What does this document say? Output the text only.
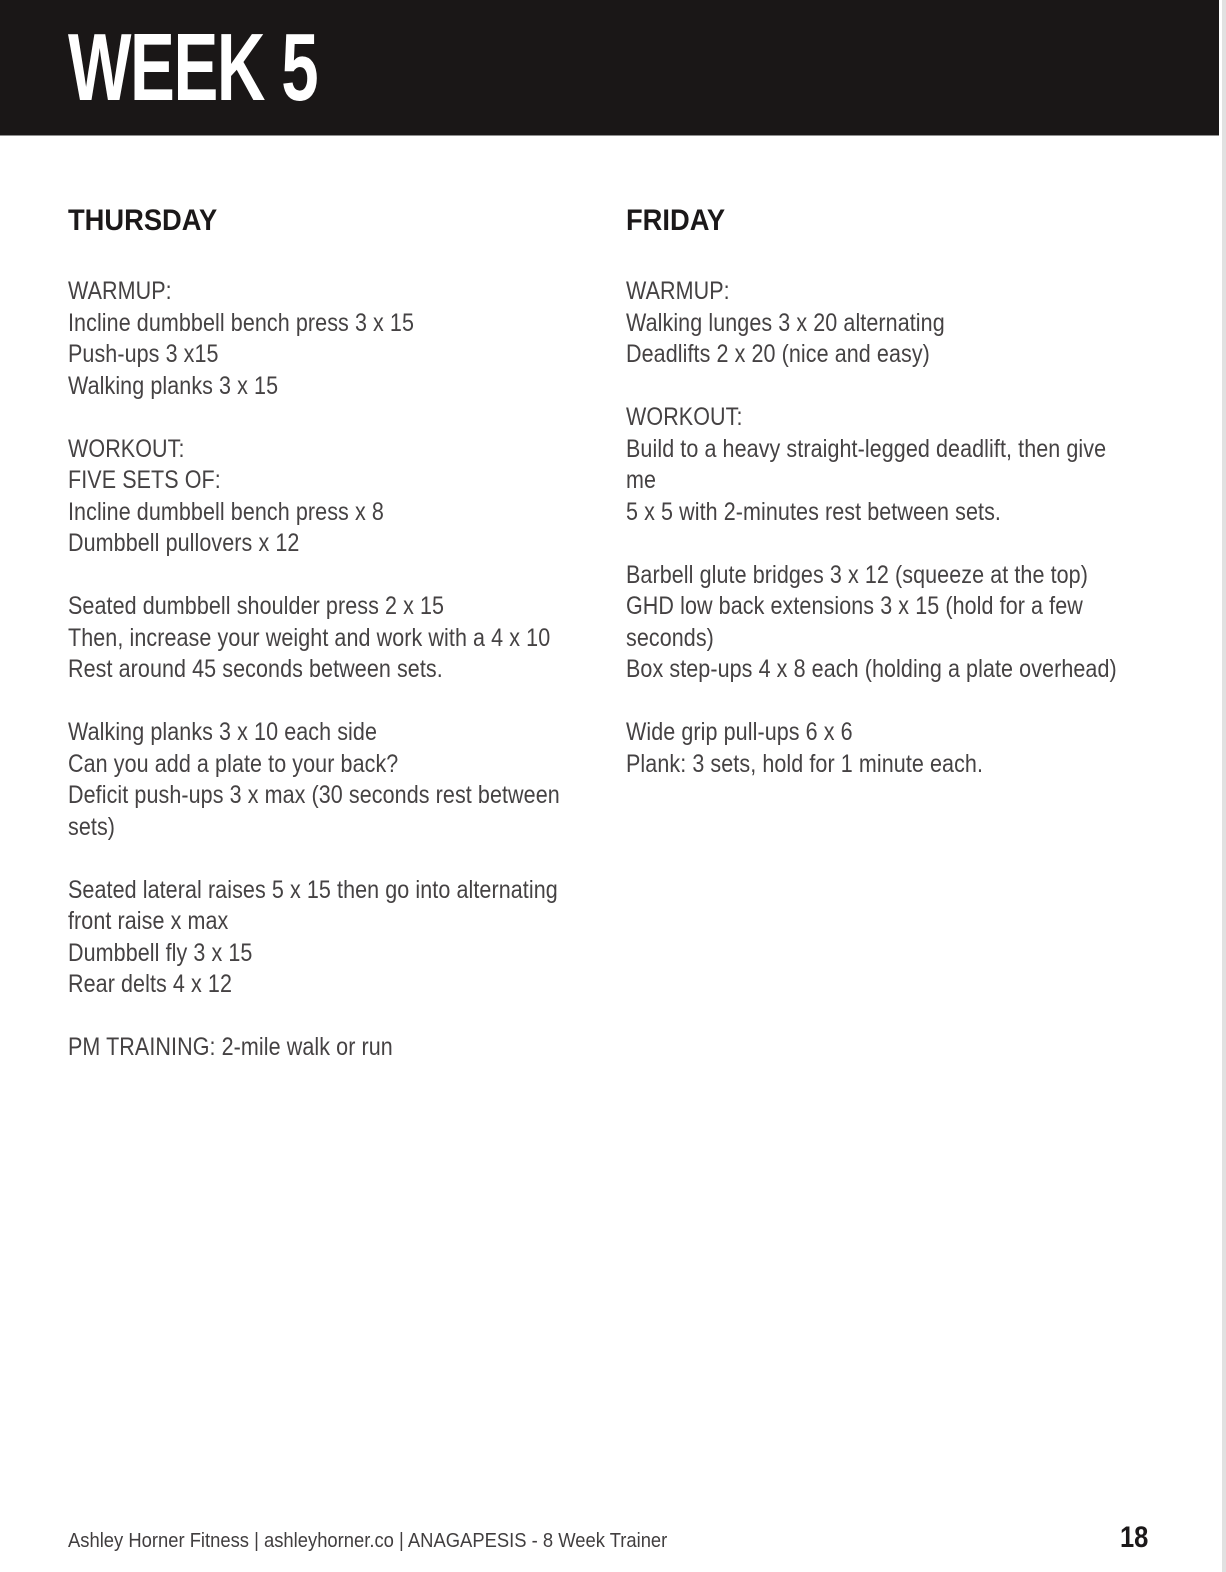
WEEK 5
THURSDAY
WARMUP:
Incline dumbbell bench press 3 x 15
Push-ups 3 x15
Walking planks 3 x 15
WORKOUT:
FIVE SETS OF:
Incline dumbbell bench press x 8
Dumbbell pullovers x 12
Seated dumbbell shoulder press 2 x 15
Then, increase your weight and work with a 4 x 10
Rest around 45 seconds between sets.
Walking planks 3 x 10 each side
Can you add a plate to your back?
Deficit push-ups 3 x max (30 seconds rest between
sets)
Seated lateral raises 5 x 15 then go into alternating
front raise x max
Dumbbell fly 3 x 15
Rear delts 4 x 12
PM TRAINING: 2-mile walk or run
FRIDAY
WARMUP:
Walking lunges 3 x 20 alternating
Deadlifts 2 x 20 (nice and easy)
WORKOUT:
Build to a heavy straight-legged deadlift, then give
me
5 x 5 with 2-minutes rest between sets.
Barbell glute bridges 3 x 12 (squeeze at the top)
GHD low back extensions 3 x 15 (hold for a few
seconds)
Box step-ups 4 x 8 each (holding a plate overhead)
Wide grip pull-ups 6 x 6
Plank: 3 sets, hold for 1 minute each.
Ashley Horner Fitness | ashleyhorner.co | ANAGAPESIS - 8 Week Trainer	18
